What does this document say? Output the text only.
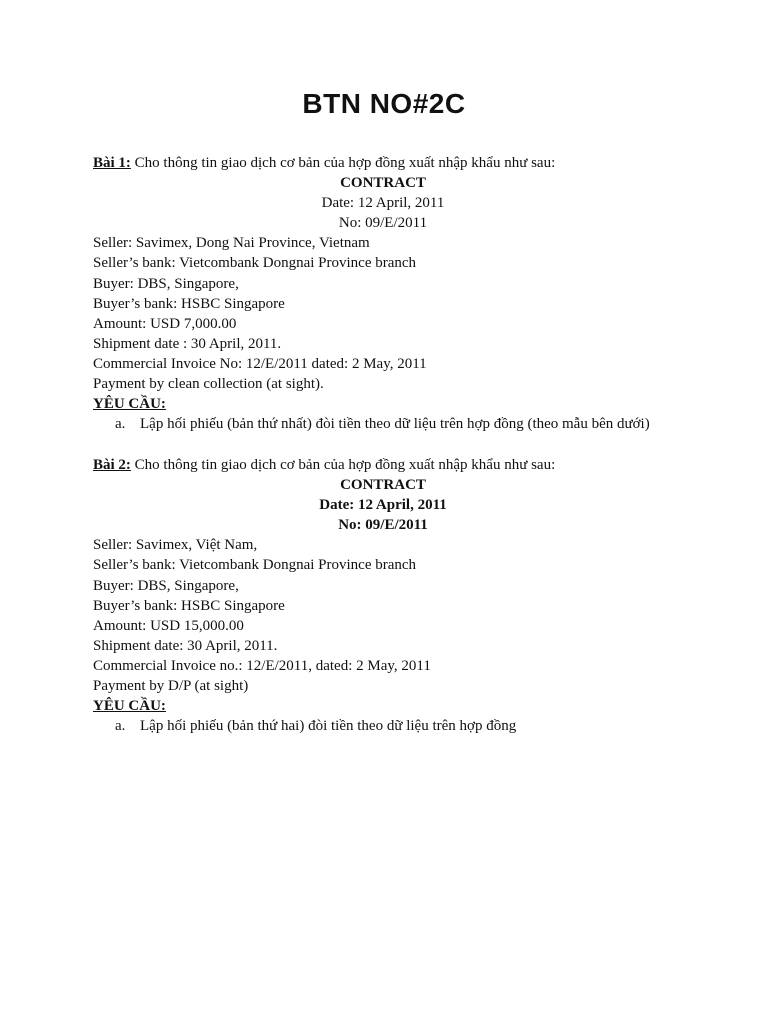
BTN NO#2C
Bài 1: Cho thông tin giao dịch cơ bản của hợp đồng xuất nhập khẩu như sau:
CONTRACT
Date: 12 April, 2011
No: 09/E/2011
Seller: Savimex, Dong Nai Province, Vietnam
Seller’s bank: Vietcombank Dongnai Province branch
Buyer: DBS, Singapore,
Buyer’s bank: HSBC Singapore
Amount: USD 7,000.00
Shipment date : 30 April, 2011.
Commercial Invoice No: 12/E/2011 dated: 2 May, 2011
Payment by clean collection (at sight).
YÊU CẦU:
a. Lập hối phiếu (bản thứ nhất) đòi tiền theo dữ liệu trên hợp đồng (theo mẫu bên dưới)
Bài 2: Cho thông tin giao dịch cơ bản của hợp đồng xuất nhập khẩu như sau:
CONTRACT
Date: 12 April, 2011
No: 09/E/2011
Seller: Savimex, Việt Nam,
Seller’s bank: Vietcombank Dongnai Province branch
Buyer: DBS, Singapore,
Buyer’s bank: HSBC Singapore
Amount: USD 15,000.00
Shipment date: 30 April, 2011.
Commercial Invoice no.: 12/E/2011, dated: 2 May, 2011
Payment by D/P (at sight)
YÊU CẦU:
a. Lập hối phiếu (bản thứ hai) đòi tiền theo dữ liệu trên hợp đồng
